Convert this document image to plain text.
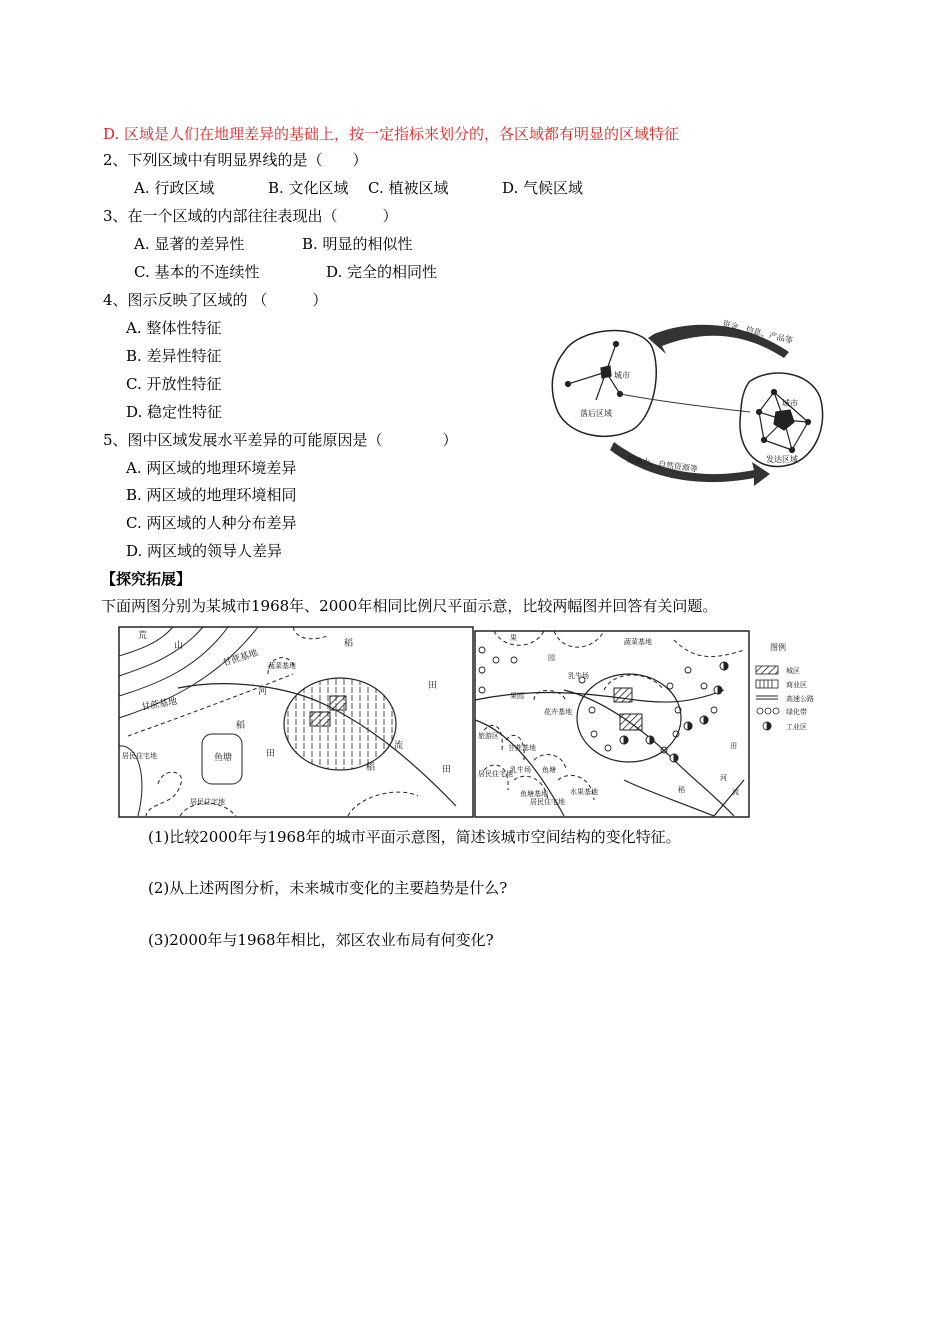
D. 区域是人们在地理差异的基础上，按一定指标来划分的，各区域都有明显的区域特征
2、下列区域中有明显界线的是（　　）
A. 行政区域	B. 文化区域 C. 植被区域	D. 气候区域
3、在一个区域的内部往往表现出（　　　）
A. 显著的差异性	B. 明显的相似性
C. 基本的不连续性	D. 完全的相同性
4、图示反映了区域的 （　　　）
A. 整体性特征
B. 差异性特征
C. 开放性特征
D. 稳定性特征
5、图中区域发展水平差异的可能原因是（　　　　）
A. 两区域的地理环境差异
B. 两区域的地理环境相同
C. 两区域的人种分布差异
D. 两区域的领导人差异
资金、信息、产品等
劳动力、自然资源等
城市
落后区域
城市
发达区域
【探究拓展】
下面两图分别为某城市1968年、2000年相同比例尺平面示意，比较两幅图并回答有关问题。
荒
山
甘蔗基地 蔬菜基地
稻
田
甘蔗基地
河
稻
居民住宅地	鱼塘	田
流
稻	田
居民住宅地
果
园
蔬菜基地
乳牛场
果园
花卉基地
旅游区
甘蔗基地
鱼塘
居民住宅地
乳牛场
鱼塘基地
居民住宅地
水果基地
田
河
稻	流
图例
城区
商业区
高速公路
绿化带
工业区
(1)比较2000年与1968年的城市平面示意图，简述该城市空间结构的变化特征。
(2)从上述两图分析，未来城市变化的主要趋势是什么?
(3)2000年与1968年相比，郊区农业布局有何变化?
